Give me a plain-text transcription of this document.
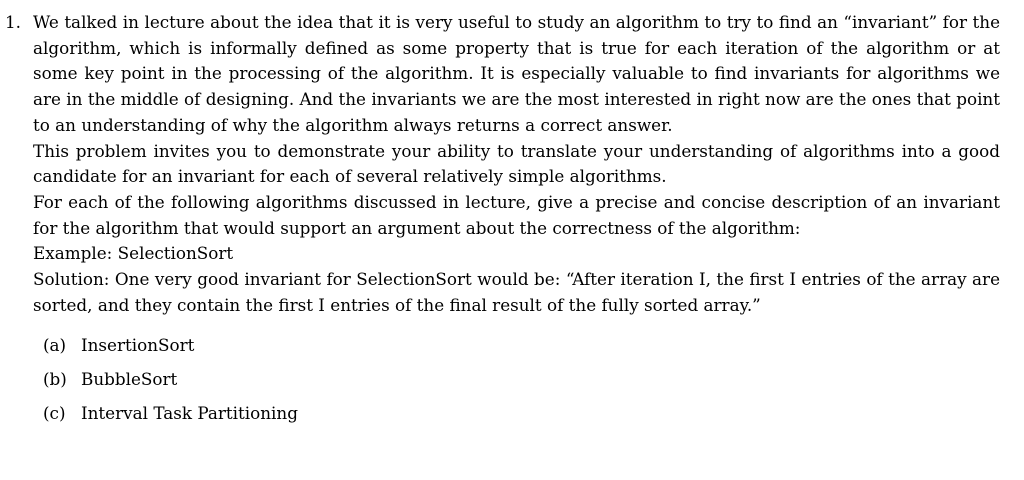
1. We talked in lecture about the idea that it is very useful to study an algorithm to try to find an “invariant” for the algorithm, which is informally defined as some property that is true for each iteration of the algorithm or at some key point in the processing of the algorithm. It is especially valuable to find invariants for algorithms we are in the middle of designing. And the invariants we are the most interested in right now are the ones that point to an understanding of why the algorithm always returns a correct answer.

This problem invites you to demonstrate your ability to translate your understanding of algorithms into a good candidate for an invariant for each of several relatively simple algorithms.

For each of the following algorithms discussed in lecture, give a precise and concise description of an invariant for the algorithm that would support an argument about the correctness of the algorithm:

Example: SelectionSort

Solution: One very good invariant for SelectionSort would be: “After iteration I, the first I entries of the array are sorted, and they contain the first I entries of the final result of the fully sorted array.”

(a) InsertionSort
(b) BubbleSort
(c) Interval Task Partitioning
